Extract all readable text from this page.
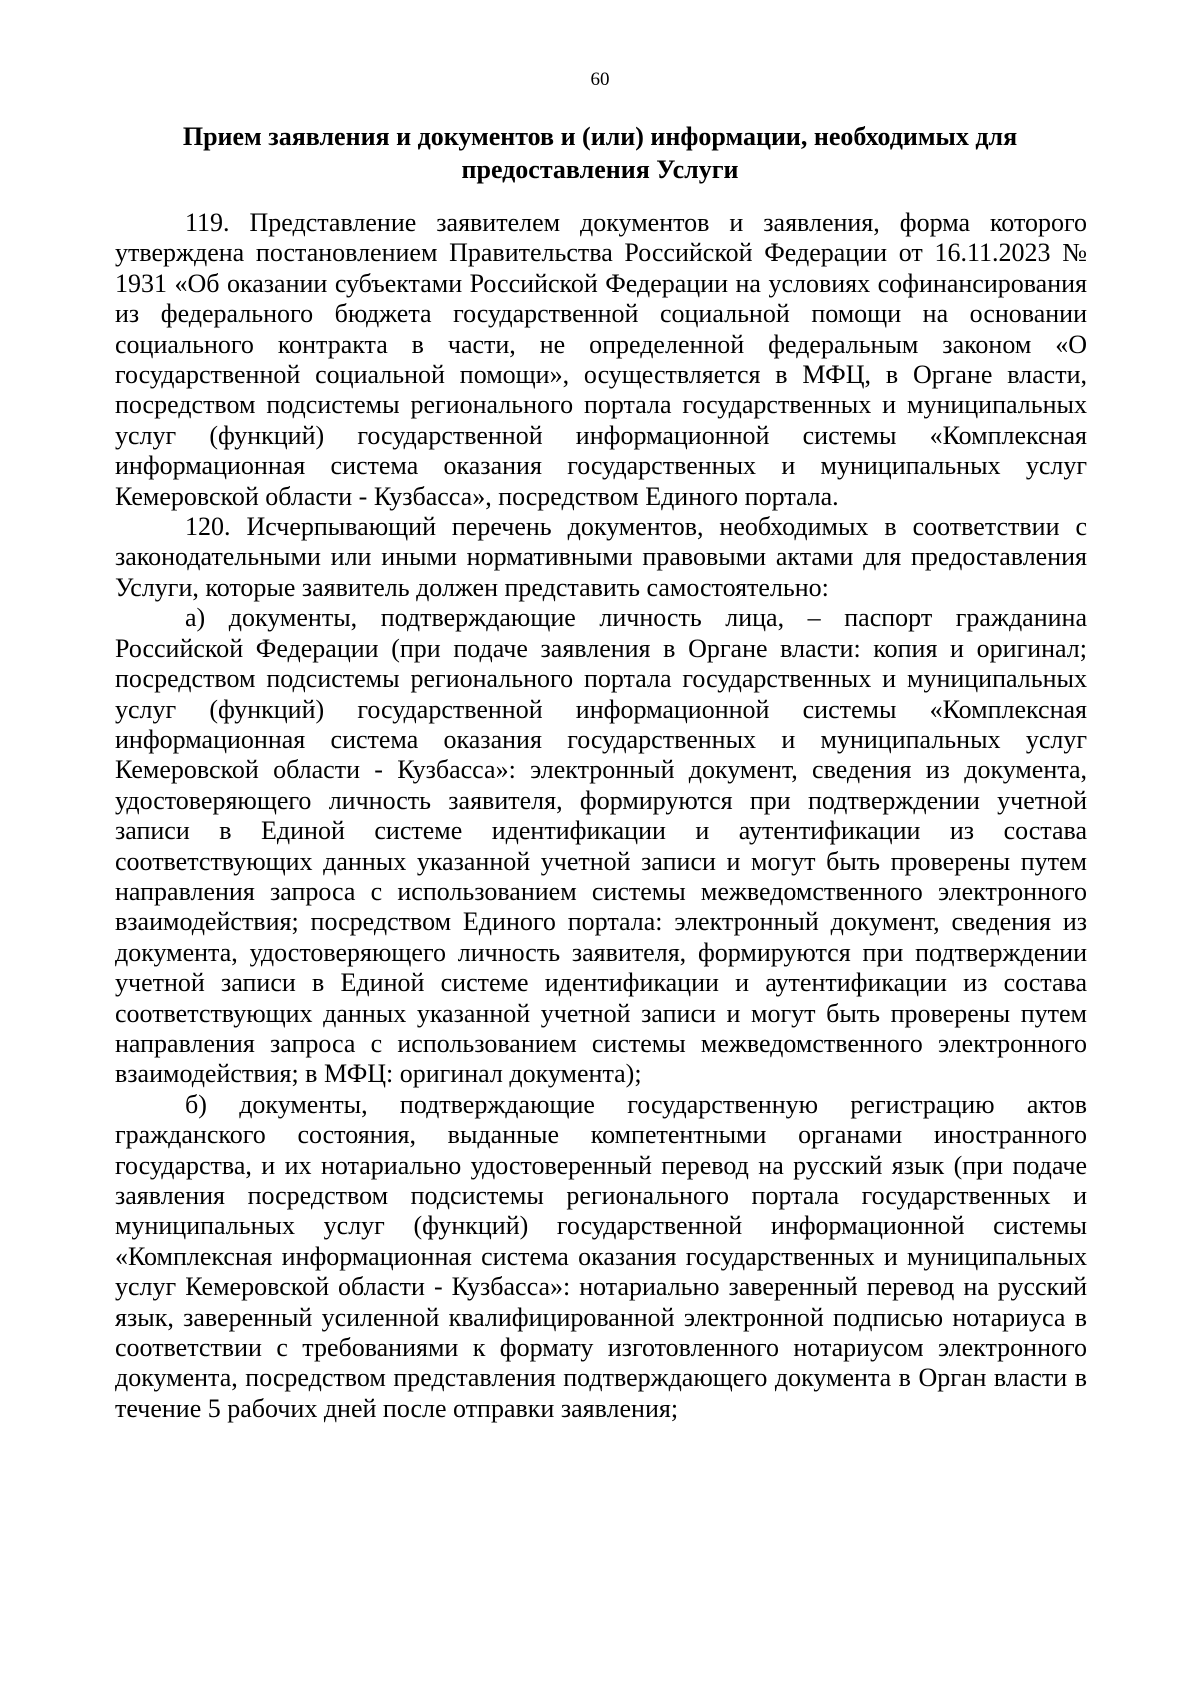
60
Прием заявления и документов и (или) информации, необходимых для предоставления Услуги

119. Представление заявителем документов и заявления, форма которого утверждена постановлением Правительства Российской Федерации от 16.11.2023 № 1931 «Об оказании субъектами Российской Федерации на условиях софинансирования из федерального бюджета государственной социальной помощи на основании социального контракта в части, не определенной федеральным законом «О государственной социальной помощи», осуществляется в МФЦ, в Органе власти, посредством подсистемы регионального портала государственных и муниципальных услуг (функций) государственной информационной системы «Комплексная информационная система оказания государственных и муниципальных услуг Кемеровской области - Кузбасса», посредством Единого портала.

120. Исчерпывающий перечень документов, необходимых в соответствии с законодательными или иными нормативными правовыми актами для предоставления Услуги, которые заявитель должен представить самостоятельно:

а) документы, подтверждающие личность лица, – паспорт гражданина Российской Федерации (при подаче заявления в Органе власти: копия и оригинал; посредством подсистемы регионального портала государственных и муниципальных услуг (функций) государственной информационной системы «Комплексная информационная система оказания государственных и муниципальных услуг Кемеровской области - Кузбасса»: электронный документ, сведения из документа, удостоверяющего личность заявителя, формируются при подтверждении учетной записи в Единой системе идентификации и аутентификации из состава соответствующих данных указанной учетной записи и могут быть проверены путем направления запроса с использованием системы межведомственного электронного взаимодействия; посредством Единого портала: электронный документ, сведения из документа, удостоверяющего личность заявителя, формируются при подтверждении учетной записи в Единой системе идентификации и аутентификации из состава соответствующих данных указанной учетной записи и могут быть проверены путем направления запроса с использованием системы межведомственного электронного взаимодействия; в МФЦ: оригинал документа);

б) документы, подтверждающие государственную регистрацию актов гражданского состояния, выданные компетентными органами иностранного государства, и их нотариально удостоверенный перевод на русский язык (при подаче заявления посредством подсистемы регионального портала государственных и муниципальных услуг (функций) государственной информационной системы «Комплексная информационная система оказания государственных и муниципальных услуг Кемеровской области - Кузбасса»: нотариально заверенный перевод на русский язык, заверенный усиленной квалифицированной электронной подписью нотариуса в соответствии с требованиями к формату изготовленного нотариусом электронного документа, посредством представления подтверждающего документа в Орган власти в течение 5 рабочих дней после отправки заявления;
